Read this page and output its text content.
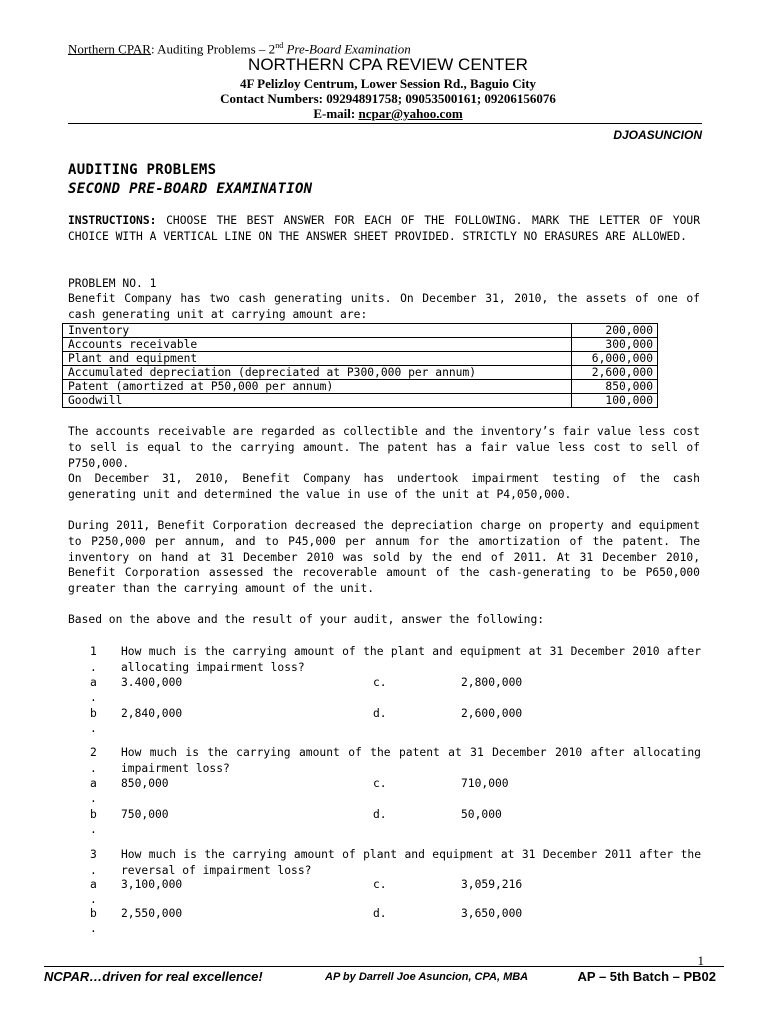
Northern CPAR: Auditing Problems – 2nd Pre-Board Examination
NORTHERN CPA REVIEW CENTER
4F Pelizloy Centrum, Lower Session Rd., Baguio City
Contact Numbers: 09294891758; 09053500161; 09206156076
E-mail: ncpar@yahoo.com
DJOASUNCION
AUDITING PROBLEMS
SECOND PRE-BOARD EXAMINATION
INSTRUCTIONS: CHOOSE THE BEST ANSWER FOR EACH OF THE FOLLOWING. MARK THE LETTER OF YOUR CHOICE WITH A VERTICAL LINE ON THE ANSWER SHEET PROVIDED. STRICTLY NO ERASURES ARE ALLOWED.
PROBLEM NO. 1
Benefit Company has two cash generating units. On December 31, 2010, the assets of one of cash generating unit at carrying amount are:
Inventory	200,000
Accounts receivable	300,000
Plant and equipment	6,000,000
Accumulated depreciation (depreciated at P300,000 per annum)	2,600,000
Patent (amortized at P50,000 per annum)	850,000
Goodwill	100,000
The accounts receivable are regarded as collectible and the inventory’s fair value less cost to sell is equal to the carrying amount. The patent has a fair value less cost to sell of P750,000.
On December 31, 2010, Benefit Company has undertook impairment testing of the cash generating unit and determined the value in use of the unit at P4,050,000.
During 2011, Benefit Corporation decreased the depreciation charge on property and equipment to P250,000 per annum, and to P45,000 per annum for the amortization of the patent. The inventory on hand at 31 December 2010 was sold by the end of 2011. At 31 December 2010, Benefit Corporation assessed the recoverable amount of the cash-generating to be P650,000 greater than the carrying amount of the unit.
Based on the above and the result of your audit, answer the following:
1
.
How much is the carrying amount of the plant and equipment at 31 December 2010 after allocating impairment loss?
a
.
3.400,000	c.	2,800,000
b
.
2,840,000	d.	2,600,000
2
.
How much is the carrying amount of the patent at 31 December 2010 after allocating impairment loss?
a
.
850,000	c.	710,000
b
.
750,000	d.	50,000
3
.
How much is the carrying amount of plant and equipment at 31 December 2011 after the reversal of impairment loss?
a
.
3,100,000	c.	3,059,216
b
.
2,550,000	d.	3,650,000
1
NCPAR…driven for real excellence!	AP by Darrell Joe Asuncion, CPA, MBA	AP – 5th Batch – PB02
